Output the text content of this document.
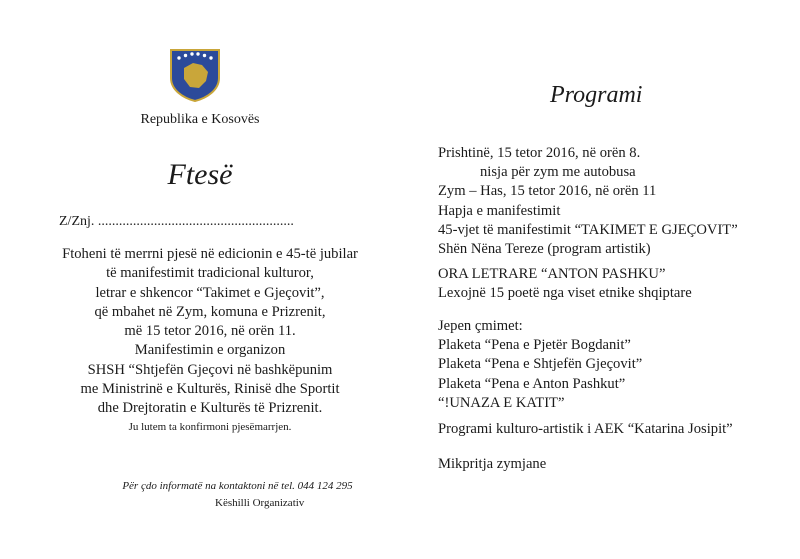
Republika e Kosovës
Ftesë
Z/Znj. ........................................................
Ftoheni të merrni pjesë në edicionin e 45-të jubilar
të manifestimit tradicional kulturor,
letrar e shkencor “Takimet e Gjeçovit”,
që mbahet në Zym, komuna e Prizrenit,
më 15 tetor 2016, në orën 11.
Manifestimin e organizon
SHSH “Shtjefën Gjeçovi në bashkëpunim
me Ministrinë e Kulturës, Rinisë dhe Sportit
dhe Drejtoratin e Kulturës të Prizrenit.
Ju lutem ta konfirmoni pjesëmarrjen.
Për çdo informatë na kontaktoni në tel. 044 124 295
Këshilli Organizativ
Programi
Prishtinë, 15 tetor 2016, në orën 8.
nisja për zym me autobusa
Zym – Has, 15 tetor 2016, në orën 11
Hapja e manifestimit
45-vjet të manifestimit “TAKIMET E GJEÇOVIT”
Shën Nëna Tereze (program artistik)
ORA LETRARE “ANTON PASHKU”
Lexojnë 15 poetë nga viset etnike shqiptare
Jepen çmimet:
Plaketa “Pena e Pjetër Bogdanit”
Plaketa “Pena e Shtjefën Gjeçovit”
Plaketa “Pena e Anton Pashkut”
“!UNAZA E KATIT”
Programi kulturo-artistik i AEK “Katarina Josipit”
Mikpritja zymjane
